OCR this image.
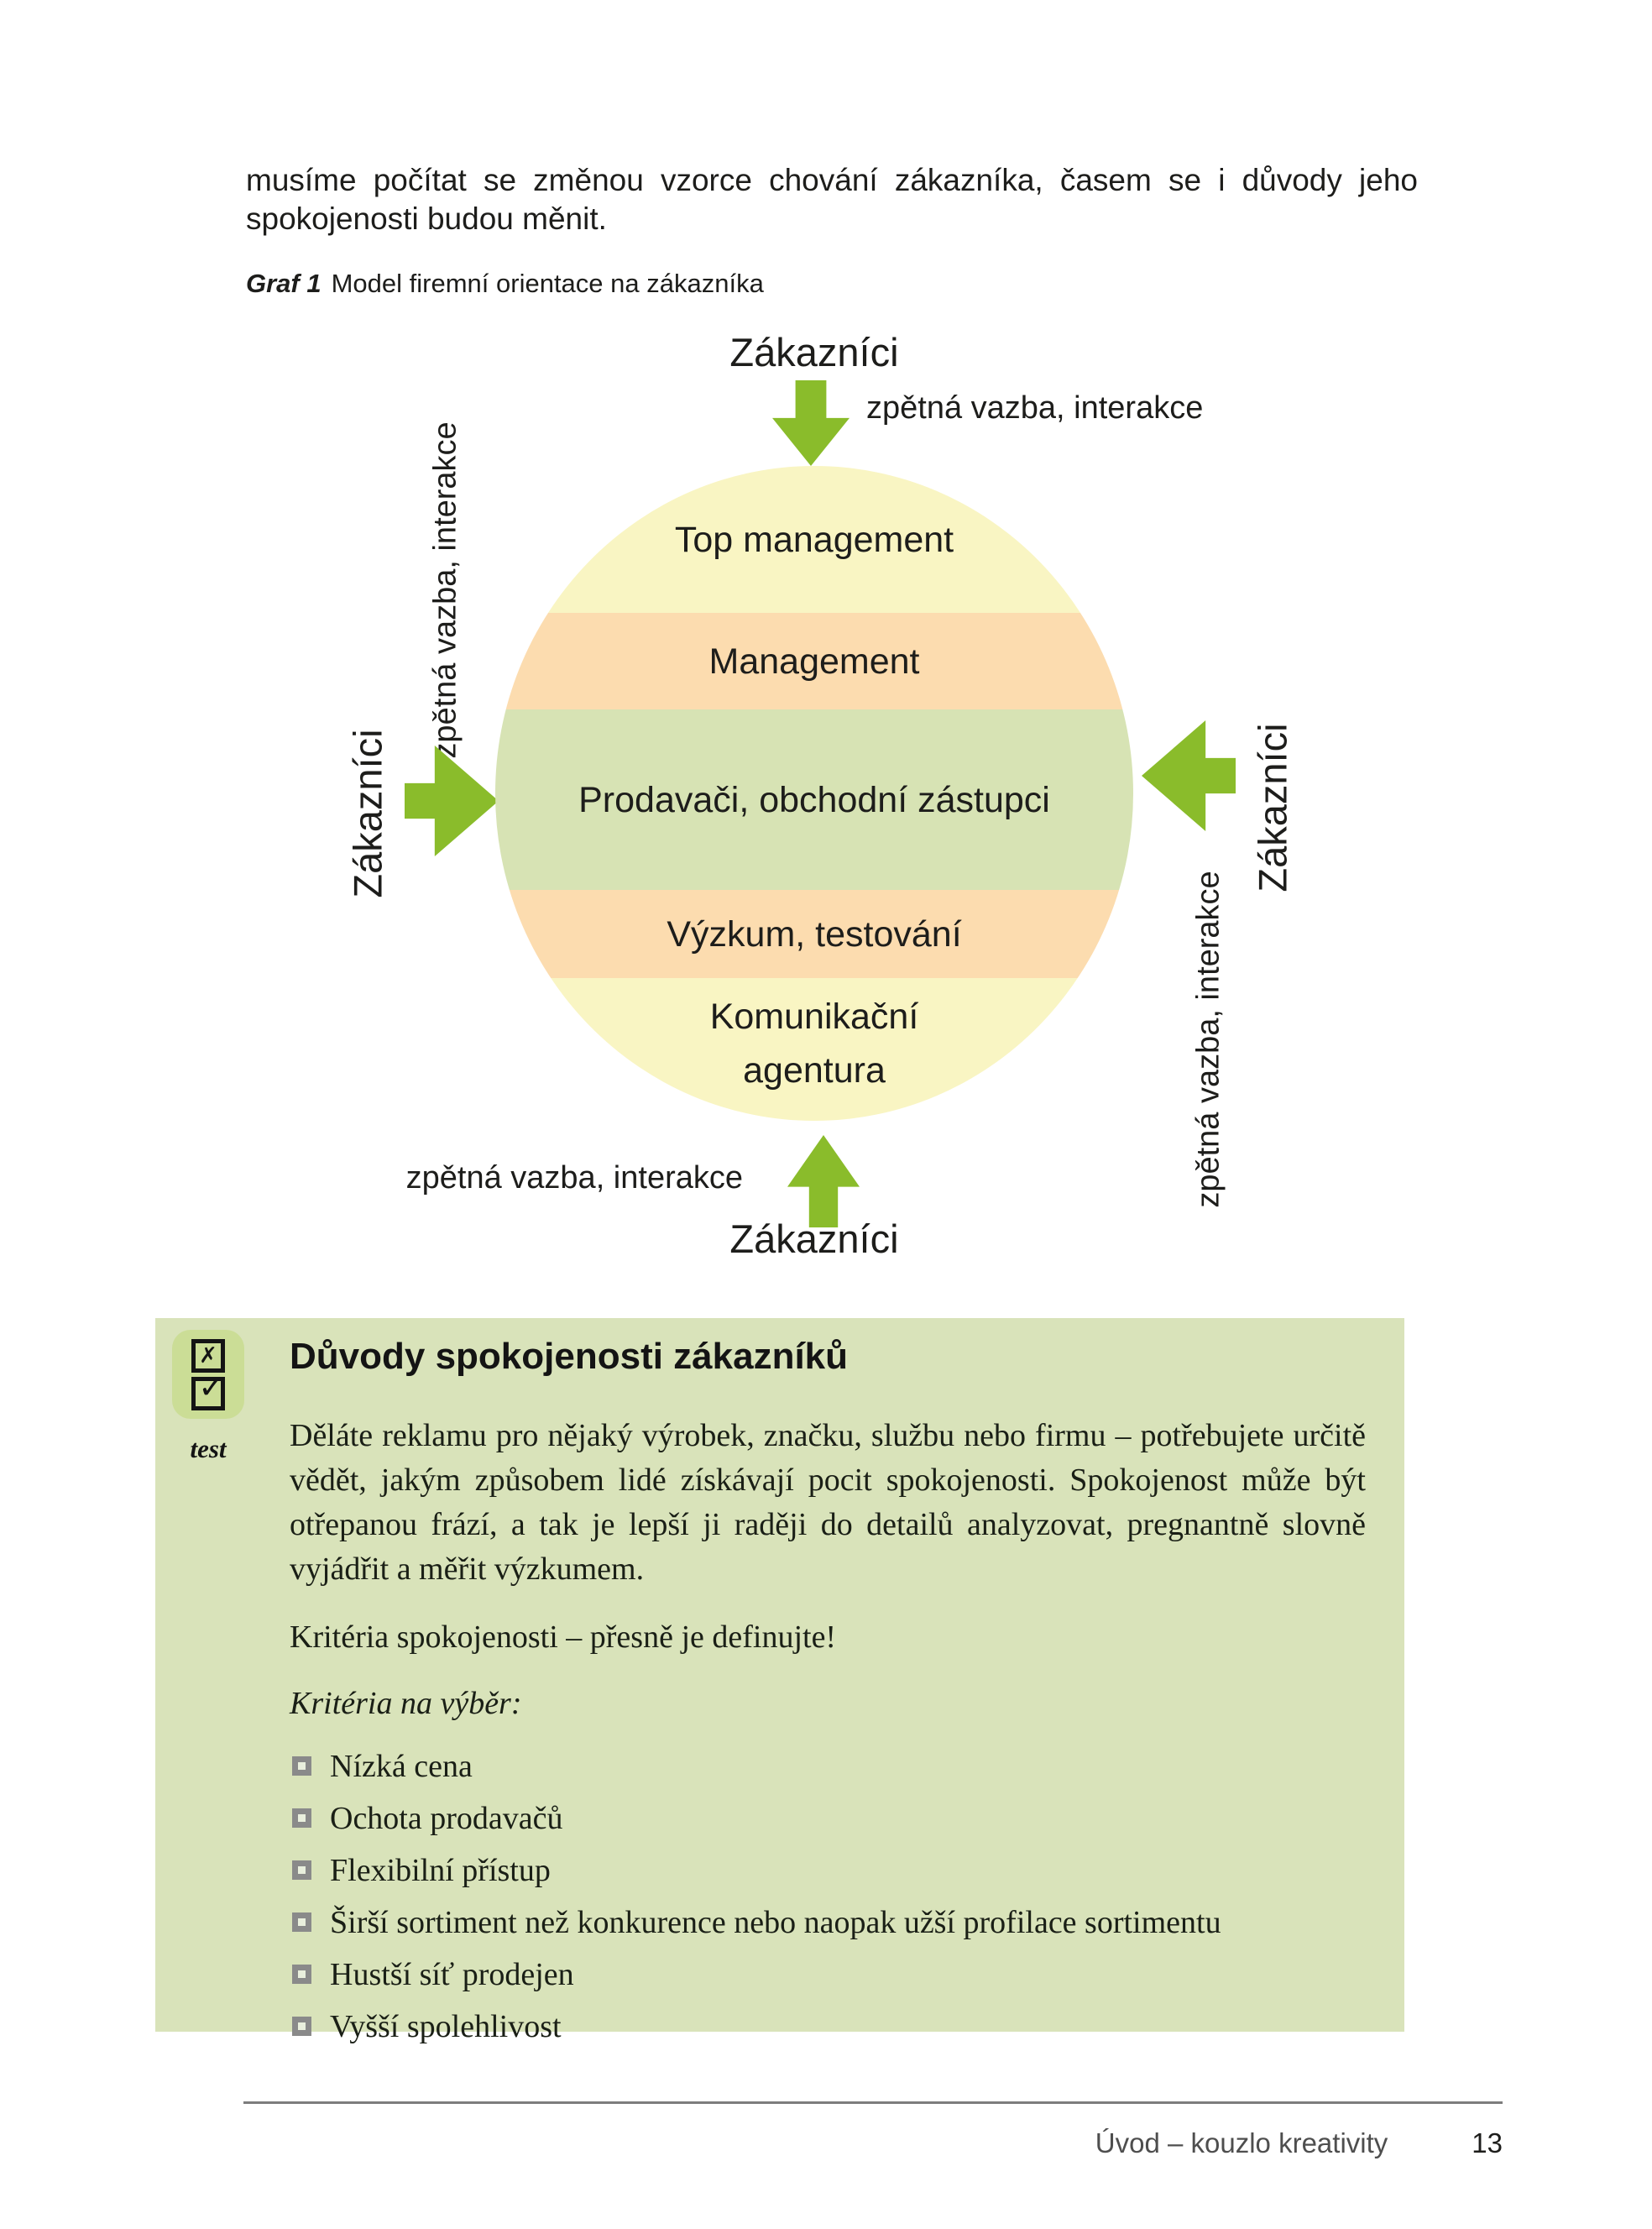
musíme počítat se změnou vzorce chování zákazníka, časem se i důvody jeho spokojenosti budou měnit.

Graf 1 Model firemní orientace na zákazníka

Zákazníci

zpětná vazba, interakce

Zákazníci

zpětná vazba, interakce	Top management
Management
Prodavači, obchodní zástupci
Výzkum, testování
Komunikační agentura

Zákazníci

zpětná vazba, interakce

zpětná vazba, interakce

Zákazníci

✗
✓
test
Důvody spokojenosti zákazníků

Děláte reklamu pro nějaký výrobek, značku, službu nebo firmu – potřebujete určitě vědět, jakým způsobem lidé získávají pocit spokojenosti. Spokojenost může být otřepanou frází, a tak je lepší ji raději do detailů analyzovat, pregnantně slovně vyjádřit a měřit výzkumem.

Kritéria spokojenosti – přesně je definujte!

Kritéria na výběr:

Nízká cena
Ochota prodavačů
Flexibilní přístup
Širší sortiment než konkurence nebo naopak užší profilace sortimentu
Hustší síť prodejen
Vyšší spolehlivost
Úvod – kouzlo kreativity	13
